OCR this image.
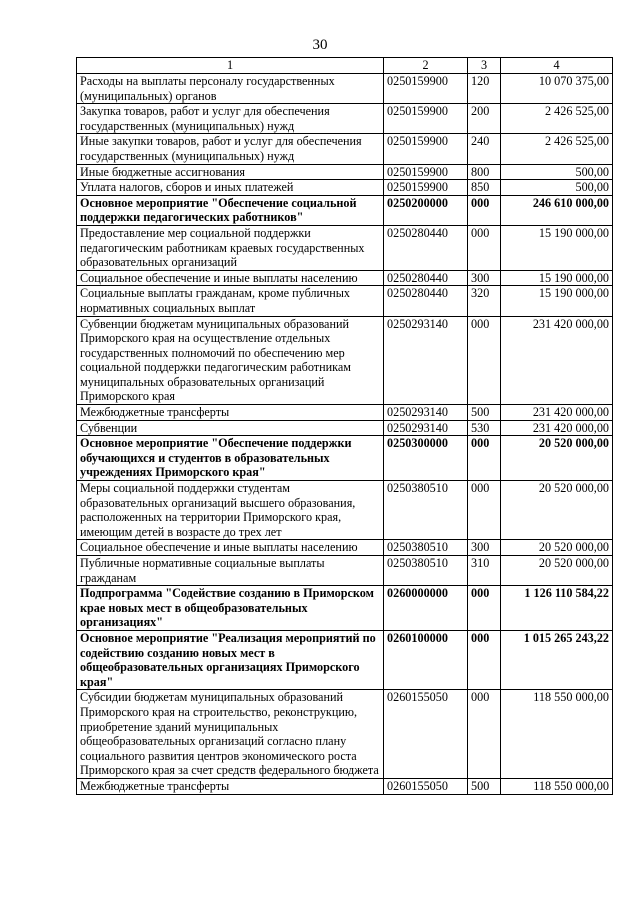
30
1	2	3	4
Расходы на выплаты персоналу государственных (муниципальных) органов	0250159900	120	10 070 375,00
Закупка товаров, работ и услуг для обеспечения государственных (муниципальных) нужд	0250159900	200	2 426 525,00
Иные закупки товаров, работ и услуг для обеспечения государственных (муниципальных) нужд	0250159900	240	2 426 525,00
Иные бюджетные ассигнования	0250159900	800	500,00
Уплата налогов, сборов и иных платежей	0250159900	850	500,00
Основное мероприятие "Обеспечение социальной поддержки педагогических работников"	0250200000	000	246 610 000,00
Предоставление мер социальной поддержки педагогическим работникам краевых государственных образовательных организаций	0250280440	000	15 190 000,00
Социальное обеспечение и иные выплаты населению	0250280440	300	15 190 000,00
Социальные выплаты гражданам, кроме публичных нормативных социальных выплат	0250280440	320	15 190 000,00
Субвенции бюджетам муниципальных образований Приморского края на осуществление отдельных государственных полномочий по обеспечению мер социальной поддержки педагогическим работникам муниципальных образовательных организаций Приморского края	0250293140	000	231 420 000,00
Межбюджетные трансферты	0250293140	500	231 420 000,00
Субвенции	0250293140	530	231 420 000,00
Основное мероприятие "Обеспечение поддержки обучающихся и студентов в образовательных учреждениях Приморского края"	0250300000	000	20 520 000,00
Меры социальной поддержки студентам образовательных организаций высшего образования, расположенных на территории Приморского края, имеющим детей в возрасте до трех лет	0250380510	000	20 520 000,00
Социальное обеспечение и иные выплаты населению	0250380510	300	20 520 000,00
Публичные нормативные социальные выплаты гражданам	0250380510	310	20 520 000,00
Подпрограмма "Содействие созданию в Приморском крае новых мест в общеобразовательных организациях"	0260000000	000	1 126 110 584,22
Основное мероприятие "Реализация мероприятий по содействию созданию новых мест в общеобразовательных организациях Приморского края"	0260100000	000	1 015 265 243,22
Субсидии бюджетам муниципальных образований Приморского края на строительство, реконструкцию, приобретение зданий муниципальных общеобразовательных организаций согласно плану социального развития центров экономического роста Приморского края за счет средств федерального бюджета	0260155050	000	118 550 000,00
Межбюджетные трансферты	0260155050	500	118 550 000,00
